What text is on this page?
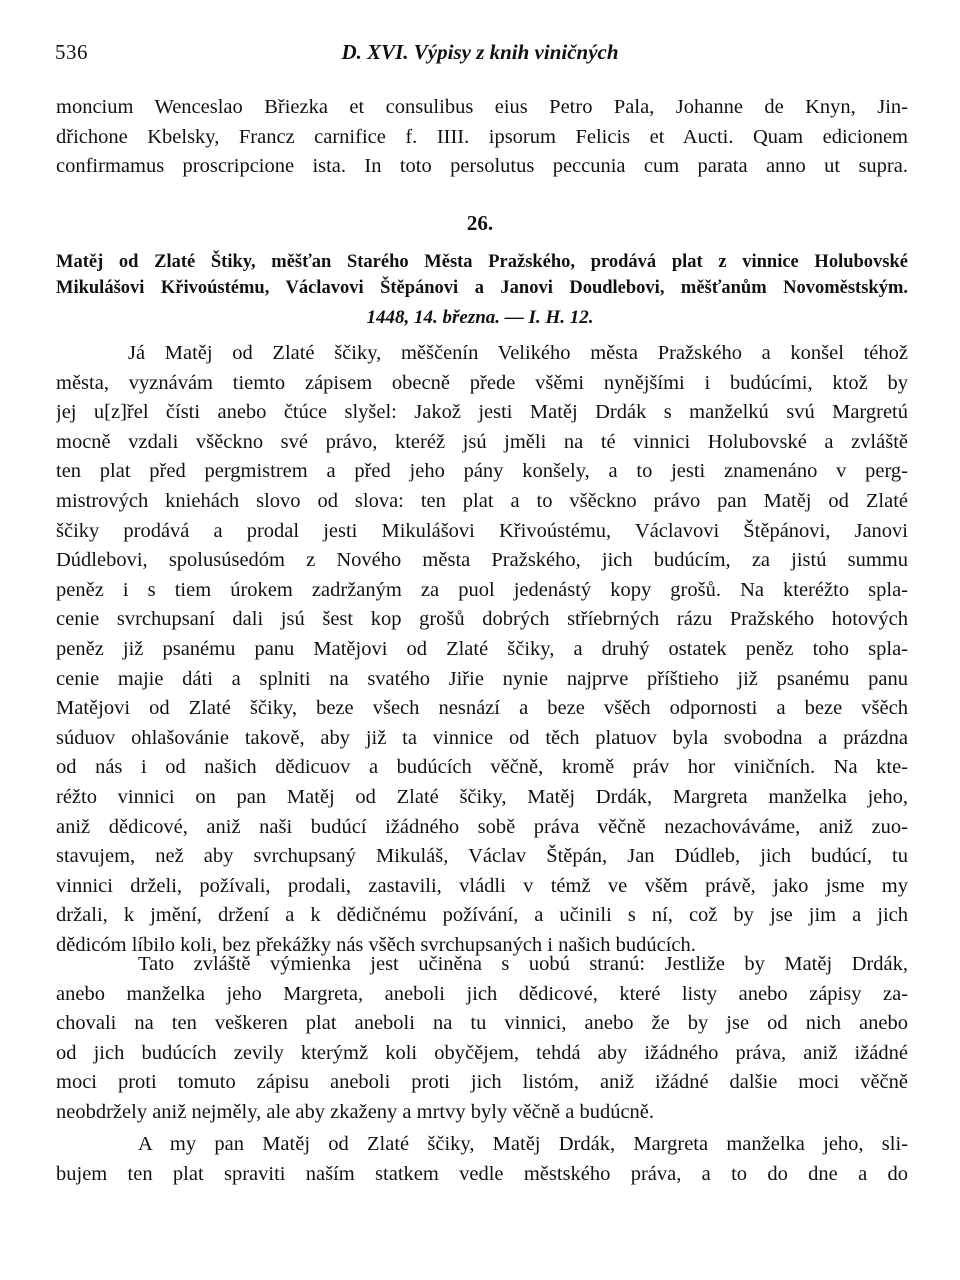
536	D. XVI. Výpisy z knih viničných
moncium Wenceslao Břiezka et consulibus eius Petro Pala, Johanne de Knyn, Jin-
dřichone Kbelsky, Francz carnifice f. IIII. ipsorum Felicis et Aucti. Quam edicionem
confirmamus proscripcione ista. In toto persolutus peccunia cum parata anno ut supra.
26.
Matěj od Zlaté Štiky, měšťan Starého Města Pražského, prodává plat z vinnice Holubovské
Mikulášovi Křivoústému, Václavovi Štěpánovi a Janovi Doudlebovi, měšťanům Novoměstským.
1448, 14. března. — I. H. 12.
Já Matěj od Zlaté ščiky, měščenín Velikého města Pražského a konšel téhož
města, vyznávám tiemto zápisem obecně přede všěmi nynějšími i budúcími, ktož by
jej u[z]řel čísti anebo čtúce slyšel: Jakož jesti Matěj Drdák s manželkú svú Margretú
mocně vzdali všěckno své právo, kteréž jsú jměli na té vinnici Holubovské a zvláště
ten plat před pergmistrem a před jeho pány konšely, a to jesti znamenáno v perg-
mistrových kniehách slovo od slova: ten plat a to všěckno právo pan Matěj od Zlaté
ščiky prodává a prodal jesti Mikulášovi Křivoústému, Václavovi Štěpánovi, Janovi
Dúdlebovi, spolusúsedóm z Nového města Pražského, jich budúcím, za jistú summu
peněz i s tiem úrokem zadržaným za puol jedenástý kopy grošů. Na kteréžto spla-
cenie svrchupsaní dali jsú šest kop grošů dobrých stříebrných rázu Pražského hotových
peněz již psanému panu Matějovi od Zlaté ščiky, a druhý ostatek peněz toho spla-
cenie majie dáti a splniti na svatého Jiřie nynie najprve příštieho již psanému panu
Matějovi od Zlaté ščiky, beze všech nesnází a beze všěch odpornosti a beze všěch
súduov ohlašovánie takově, aby již ta vinnice od těch platuov byla svobodna a prázdna
od nás i od našich dědicuov a budúcích věčně, kromě práv hor viničních. Na kte-
réžto vinnici on pan Matěj od Zlaté ščiky, Matěj Drdák, Margreta manželka jeho,
aniž dědicové, aniž naši budúcí ižádného sobě práva věčně nezachováváme, aniž zuo-
stavujem, než aby svrchupsaný Mikuláš, Václav Štěpán, Jan Dúdleb, jich budúcí, tu
vinnici drželi, požívali, prodali, zastavili, vládli v témž ve všěm právě, jako jsme my
držali, k jmění, držení a k dědičnému požívání, a učinili s ní, což by jse jim a jich
dědicóm líbilo koli, bez překážky nás všěch svrchupsaných i našich budúcích.
Tato zvláště výmienka jest učiněna s uobú stranú: Jestliže by Matěj Drdák,
anebo manželka jeho Margreta, aneboli jich dědicové, které listy anebo zápisy za-
chovali na ten veškeren plat aneboli na tu vinnici, anebo že by jse od nich anebo
od jich budúcích zevily kterýmž koli obyčějem, tehdá aby ižádného práva, aniž ižádné
moci proti tomuto zápisu aneboli proti jich listóm, aniž ižádné dalšie moci věčně
neobdržely aniž nejměly, ale aby zkaženy a mrtvy byly věčně a budúcně.
A my pan Matěj od Zlaté ščiky, Matěj Drdák, Margreta manželka jeho, sli-
bujem ten plat spraviti naším statkem vedle městského práva, a to do dne a do
